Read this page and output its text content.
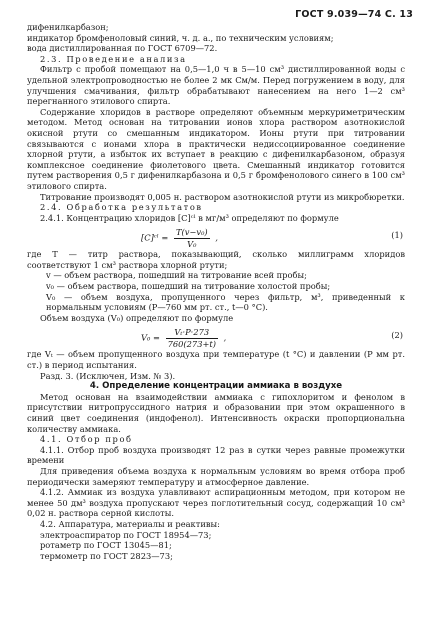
ГОСТ 9.039—74 С. 13

дифенилкарбазон;

индикатор бромфеноловый синий, ч. д. а., по техническим условиям;

вода дистиллированная по ГОСТ 6709—72.

2.3. Проведение анализа

Фильтр с пробой помещают на 0,5—1,0 ч в 5—10 см³ дистиллированной воды с удельной электропроводностью не более 2 мк См/м. Перед погружением в воду, для улучшения смачивания, фильтр обрабатывают нанесением на него 1—2 см³ перегнанного этилового спирта.

Содержание хлоридов в растворе определяют объемным меркуриметрическим методом. Метод основан на титровании ионов хлора раствором азотнокислой окисной ртути со смешанным индикатором. Ионы ртути при титровании связываются с ионами хлора в практически недиссоциированное соединение хлорной ртути, а избыток их вступает в реакцию с дифенилкарбазоном, образуя комплексное соединение фиолетового цвета. Смешанный индикатор готовится путем растворения 0,5 г дифенилкарбазона и 0,5 г бромфенолового синего в 100 см³ этилового спирта.

Титрование производят 0,005 н. раствором азотнокислой ртути из микробюретки.

2.4. Обработка результатов

2.4.1. Концентрацию хлоридов [C]ᶜˡ в мг/м³ определяют по формуле

[C]ᶜˡ = $\frac{\text{T(v−v₀)}}{\text{V₀}}$ ,	(1)

где T — титр раствора, показывающий, сколько миллиграмм хлоридов соответствуют 1 см³ раствора хлорной ртути;

v — объем раствора, пошедший на титрование всей пробы;

v₀ — объем раствора, пошедший на титрование холостой пробы;

V₀ — объем воздуха, пропущенного через фильтр, м³, приведенный к нормальным условиям (P—760 мм рт. ст., t—0 °С).

Объем воздуха (V₀) определяют по формуле

$V_0 = \frac{\text{Vₜ·P·273}}{760(273+t)}$ ,	(2)

где Vₜ — объем пропущенного воздуха при температуре (t °С) и давлении (P мм рт. ст.) в период испытания.

Разд. 3. (Исключен, Изм. № 3).

4. Определение концентрации аммиака в воздухе

Метод основан на взаимодействии аммиака с гипохлоритом и фенолом в присутствии нитропруссидного натрия и образовании при этом окрашенного в синий цвет соединения (индофенол). Интенсивность окраски пропорциональна количеству аммиака.

4.1. Отбор проб

4.1.1. Отбор проб воздуха производят 12 раз в сутки через равные промежутки времени

Для приведения объема воздуха к нормальным условиям во время отбора проб периодически замеряют температуру и атмосферное давление.

4.1.2. Аммиак из воздуха улавливают аспирационным методом, при котором не менее 50 дм³ воздуха пропускают через поглотительный сосуд, содержащий 10 см³ 0,02 н. раствора серной кислоты.

4.2. Аппаратура, материалы и реактивы:

электроаспиратор по ГОСТ 18954—73;

ротаметр по ГОСТ 13045—81;

термометр по ГОСТ 2823—73;
